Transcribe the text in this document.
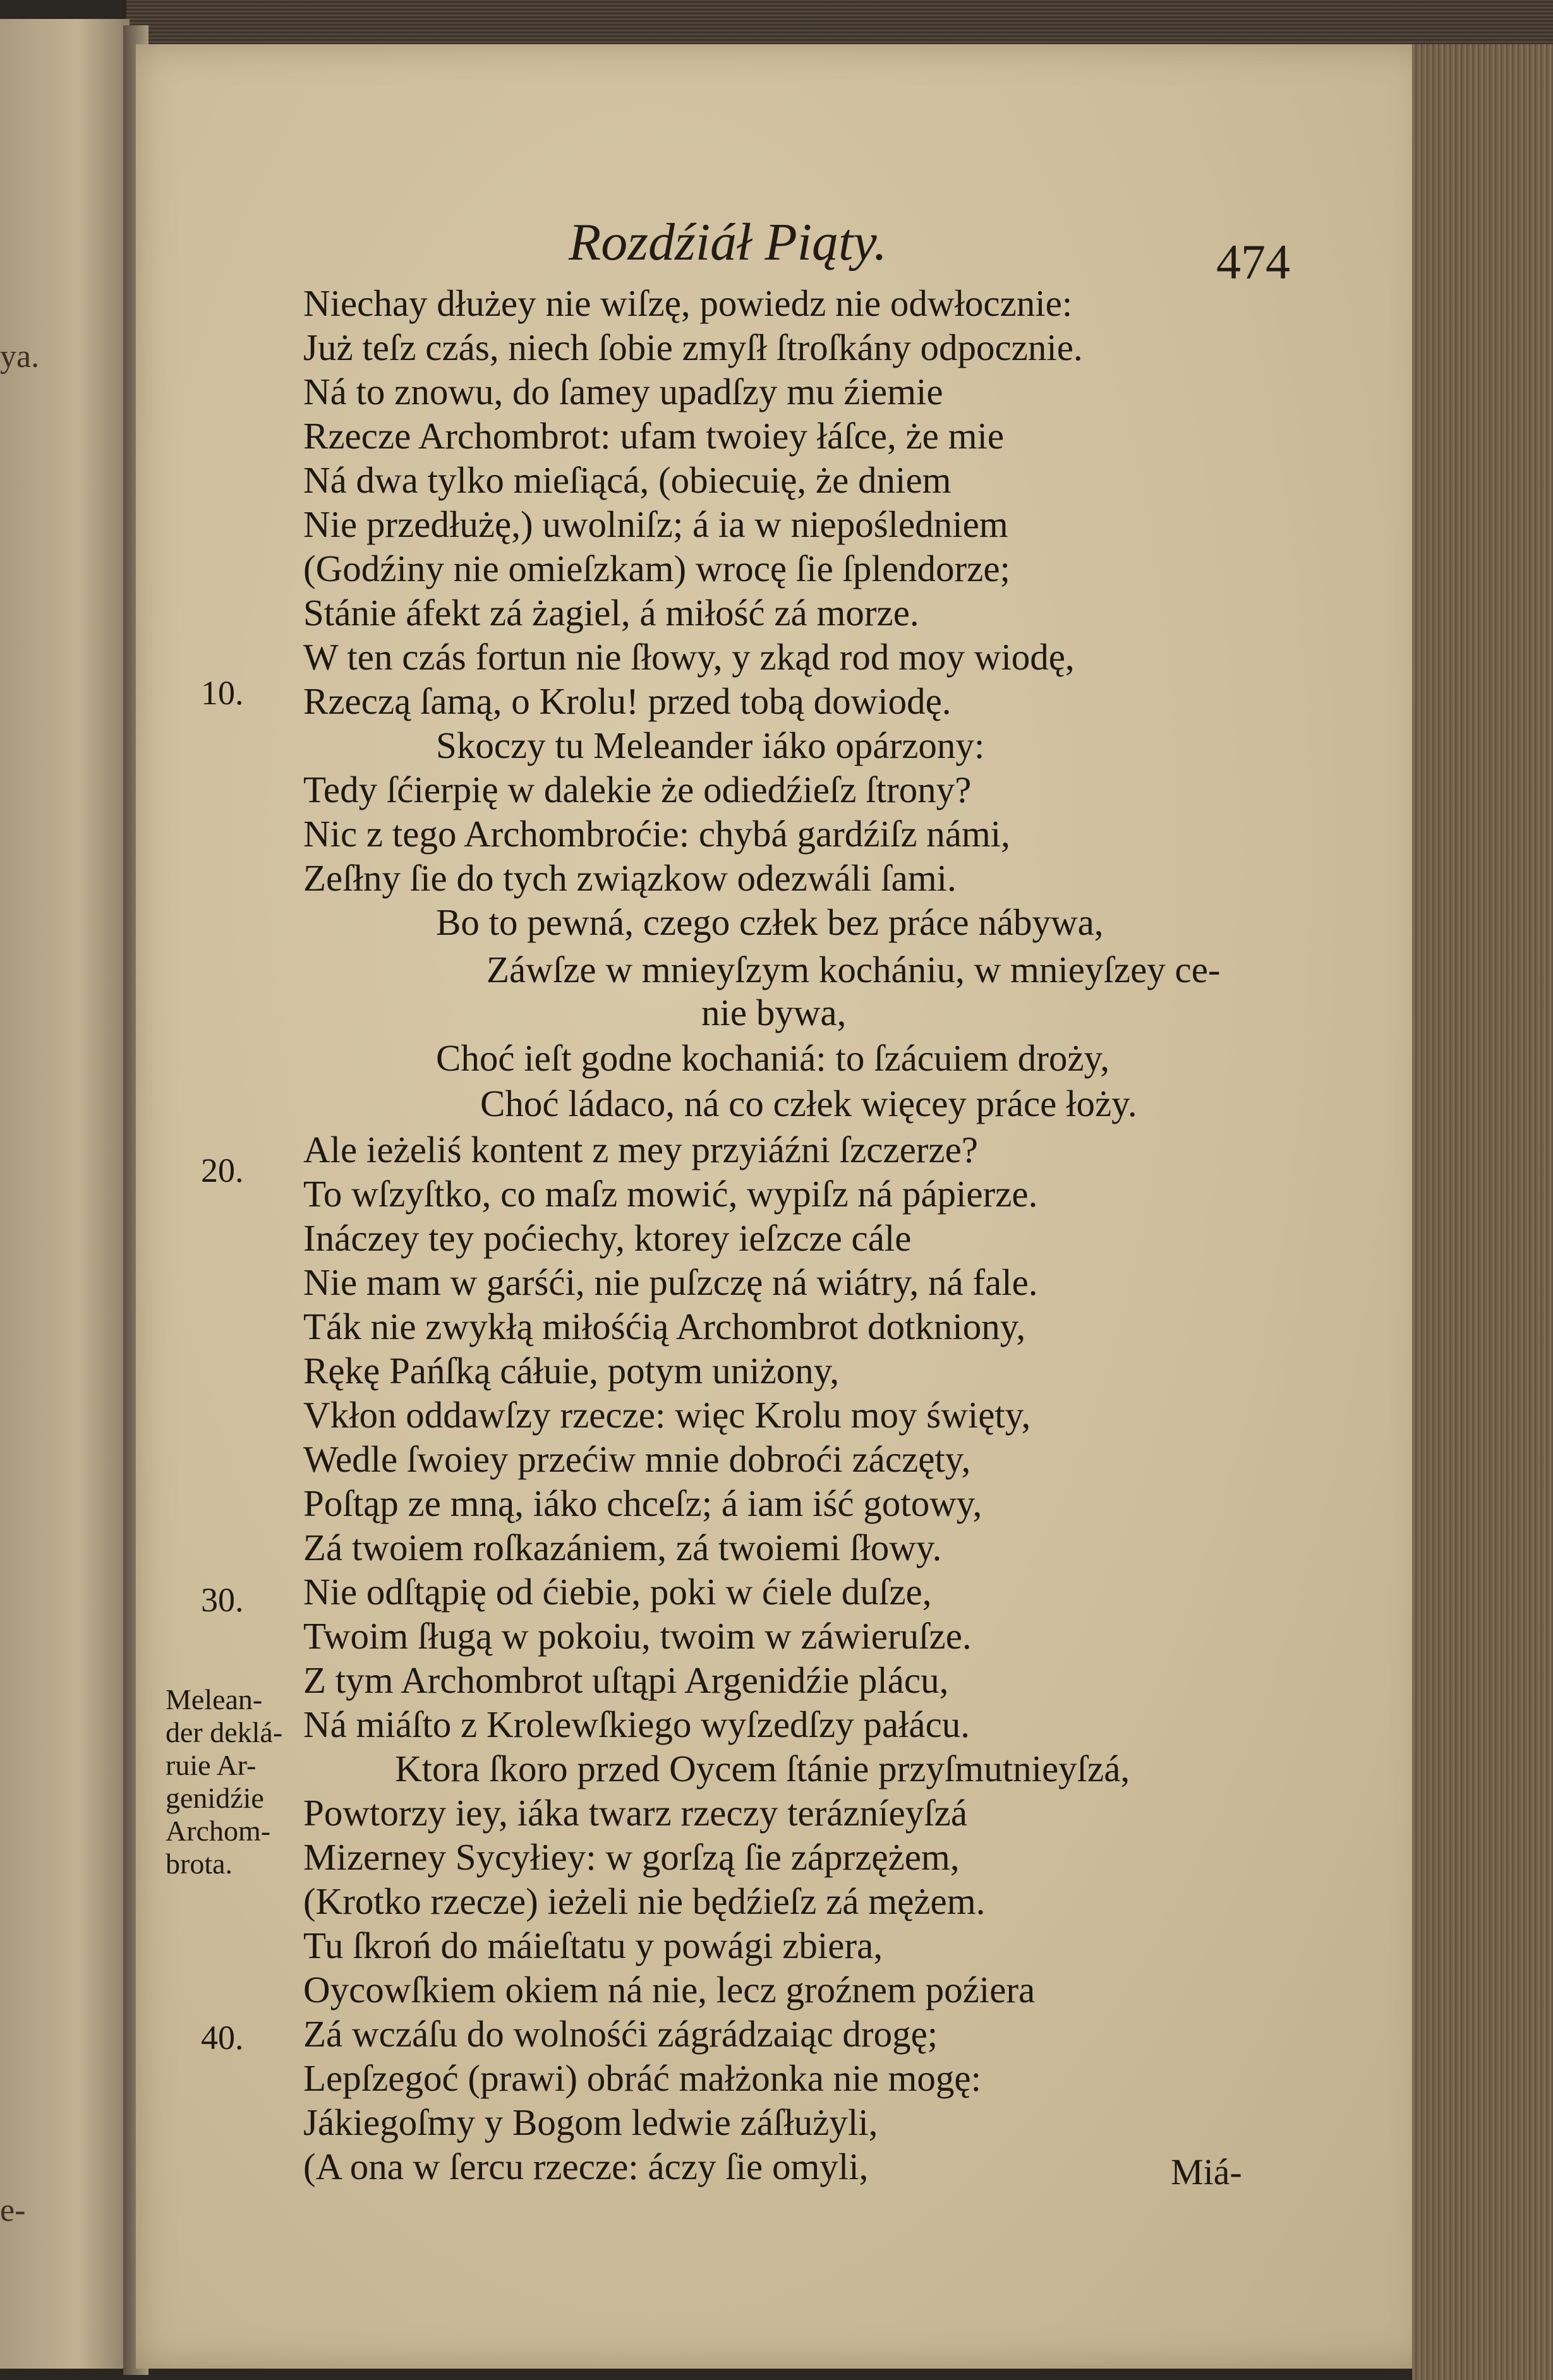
ya.
e-
Rozdźiáł Piąty.	474
Niechay dłużey nie wiſzę, powiedz nie odwłocznie:
Już teſz czás, niech ſobie zmyſł ſtroſkány odpocznie.
Ná to znowu, do ſamey upadſzy mu źiemie
Rzecze Archombrot: ufam twoiey łáſce, że mie
Ná dwa tylko mieſiącá, (obiecuię, że dniem
Nie przedłużę,) uwolniſz; á ia w niepośledniem
(Godźiny nie omieſzkam) wrocę ſie ſplendorze;
Stánie áfekt zá żagiel, á miłość zá morze.
W ten czás fortun nie ſłowy, y zkąd rod moy wiodę,
Rzeczą ſamą, o Krolu! przed tobą dowiodę.
Skoczy tu Meleander iáko opárzony:
Tedy ſćierpię w dalekie że odiedźieſz ſtrony?
Nic z tego Archombroćie: chybá gardźiſz námi,
Zeſłny ſie do tych związkow odezwáli ſami.
Bo to pewná, czego człek bez práce nábywa,
Záwſze w mnieyſzym kochániu, w mnieyſzey ce-
nie bywa,
Choć ieſt godne kochaniá: to ſzácuiem droży,
Choć ládaco, ná co człek więcey práce łoży.
Ale ieżeliś kontent z mey przyiáźni ſzczerze?
To wſzyſtko, co maſz mowić, wypiſz ná pápierze.
Ináczey tey poćiechy, ktorey ieſzcze cále
Nie mam w garśći, nie puſzczę ná wiátry, ná fale.
Ták nie zwykłą miłośćią Archombrot dotkniony,
Rękę Pańſką cáłuie, potym uniżony,
Vkłon oddawſzy rzecze: więc Krolu moy święty,
Wedle ſwoiey przećiw mnie dobroći záczęty,
Poſtąp ze mną, iáko chceſz; á iam iść gotowy,
Zá twoiem roſkazániem, zá twoiemi ſłowy.
Nie odſtąpię od ćiebie, poki w ćiele duſze,
Twoim ſługą w pokoiu, twoim w záwieruſze.
Z tym Archombrot uſtąpi Argenidźie plácu,
Ná miáſto z Krolewſkiego wyſzedſzy pałácu.
Ktora ſkoro przed Oycem ſtánie przyſmutnieyſzá,
Powtorzy iey, iáka twarz rzeczy terázníeyſzá
Mizerney Sycyłiey: w gorſzą ſie záprzężem,
(Krotko rzecze) ieżeli nie będźieſz zá mężem.
Tu ſkroń do máieſtatu y powági zbiera,
Oycowſkiem okiem ná nie, lecz groźnem poźiera
Zá wczáſu do wolnośći zágrádzaiąc drogę;
Lepſzegoć (prawi) obráć małżonka nie mogę:
Jákiegoſmy y Bogom ledwie záſłużyli,
(A ona w ſercu rzecze: áczy ſie omyli,
10.
20.
30.
40.
Melean-
der deklá-
ruie Ar-
genidźie
Archom-
brota.
Miá-
